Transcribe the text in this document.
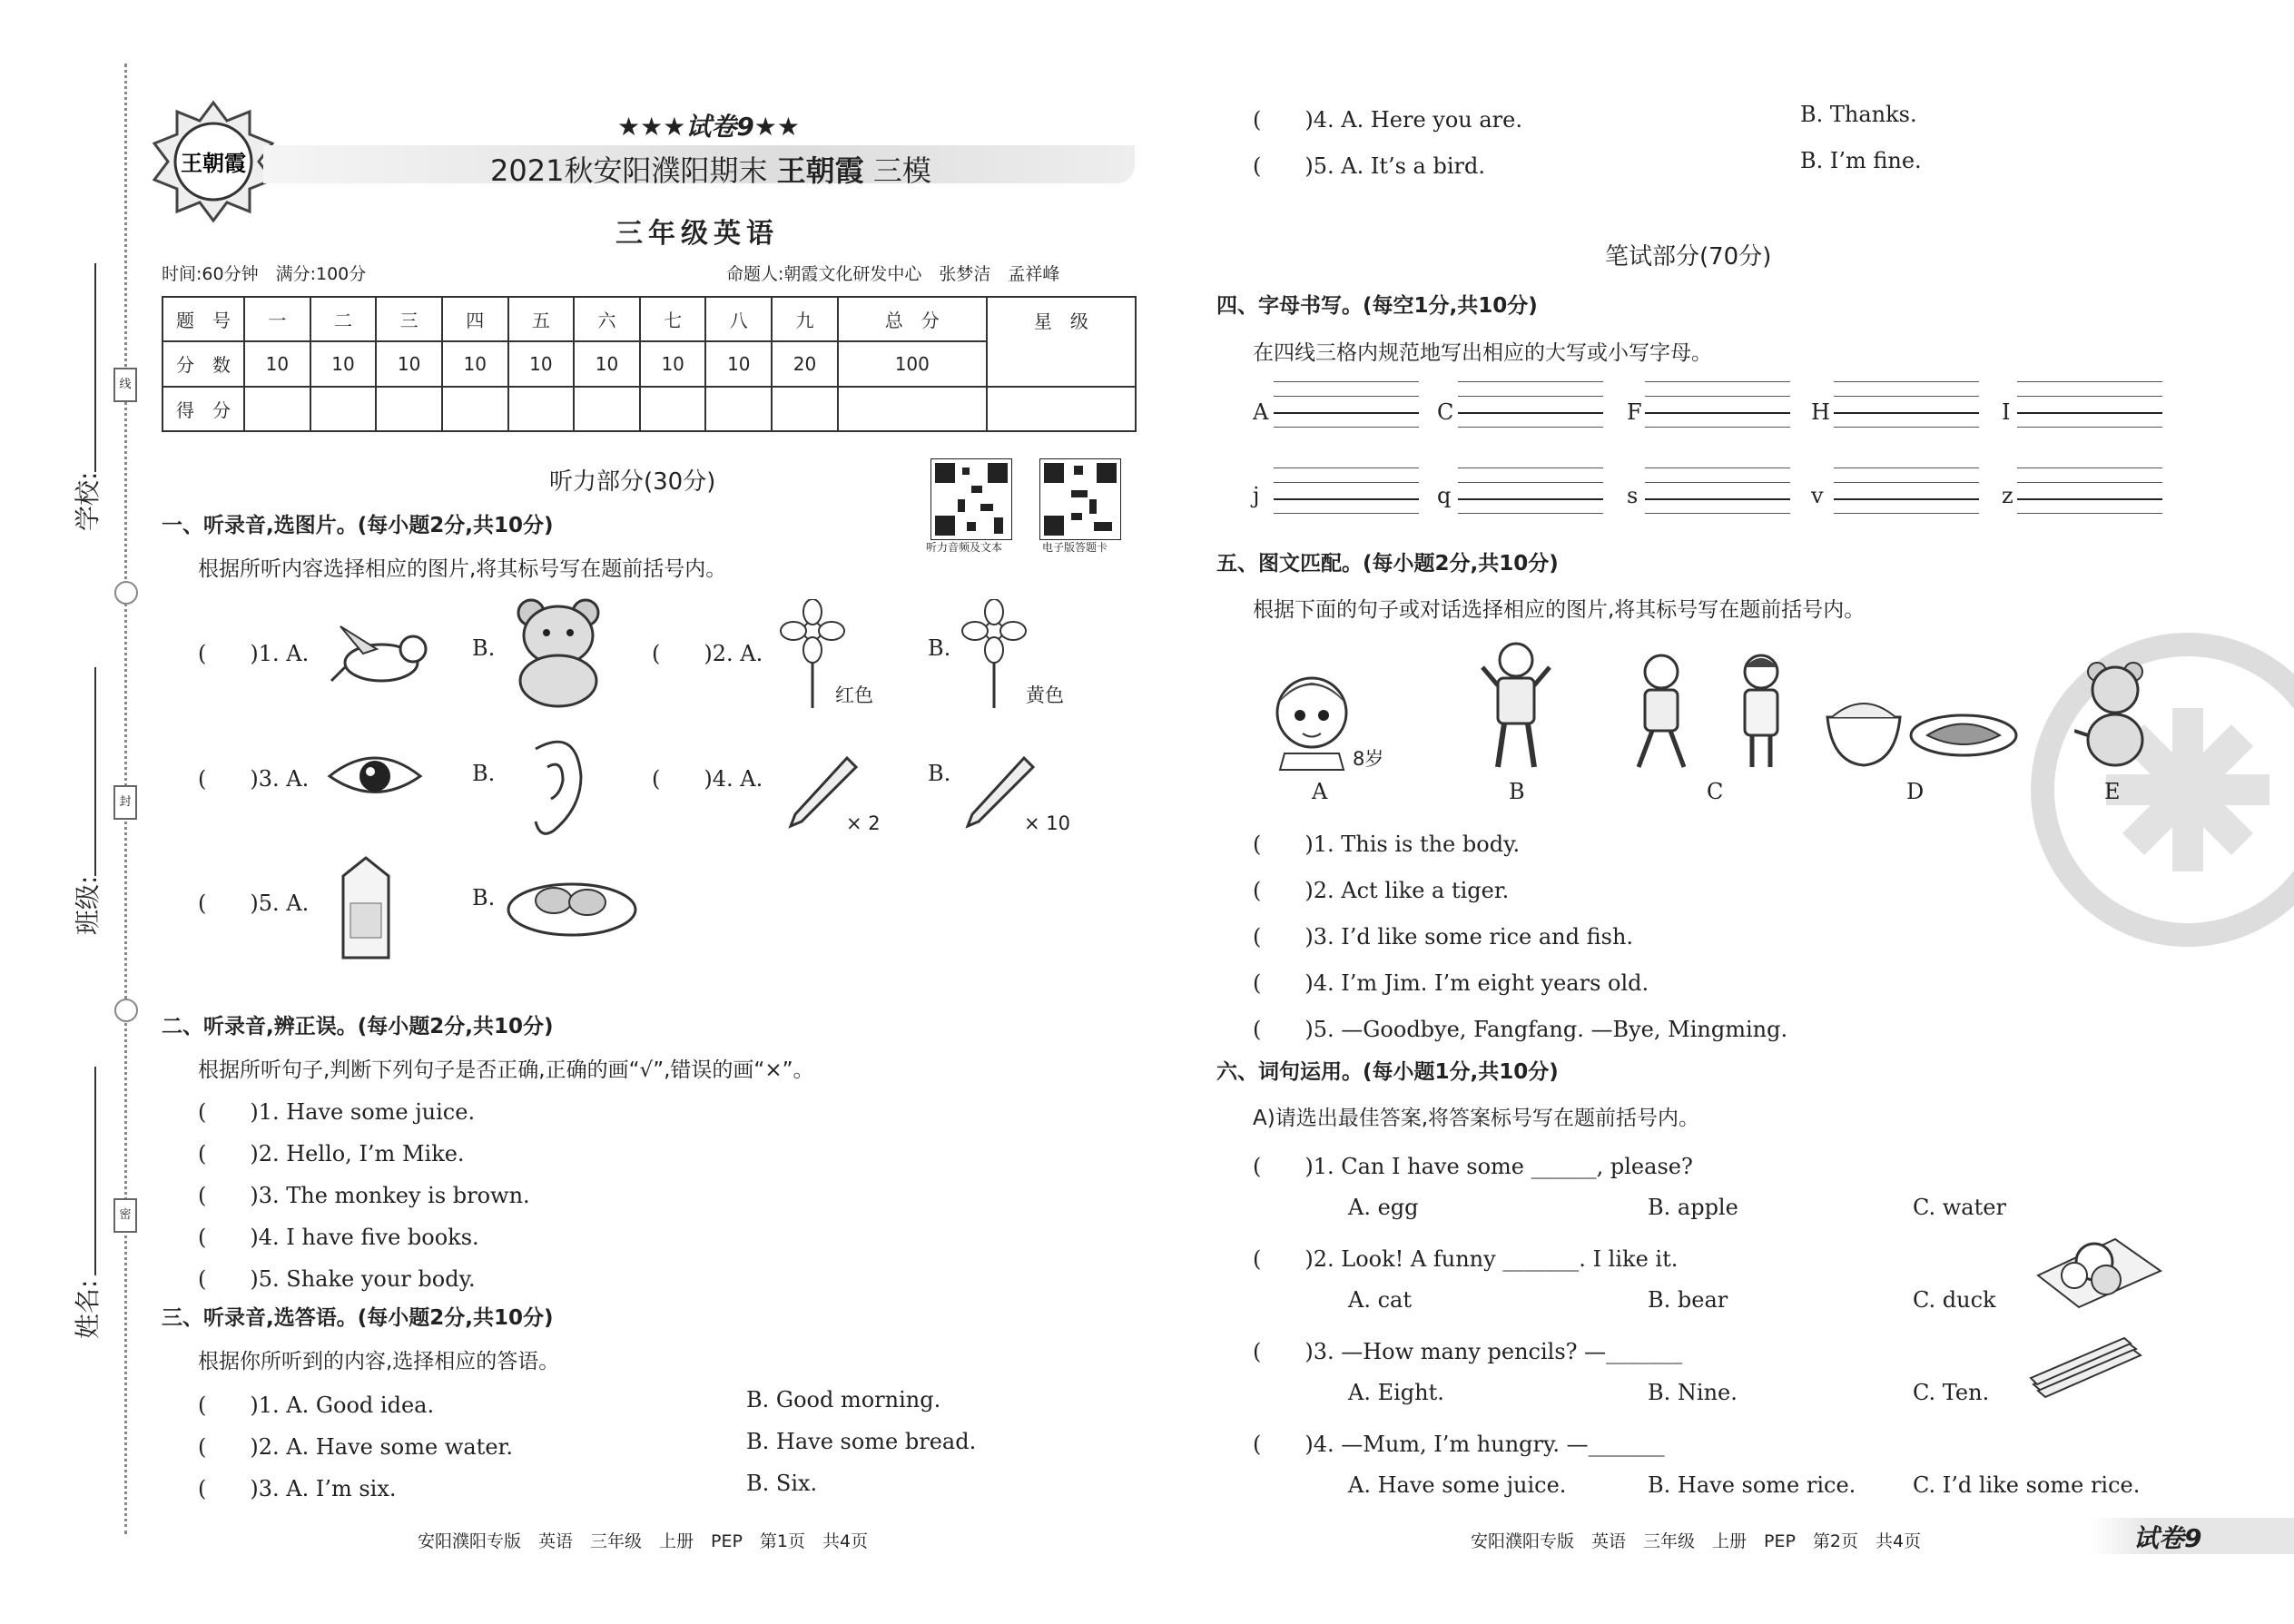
线
封
密
学校:
班级:
姓名:
王朝霞
★★★试卷9★★
2021秋安阳濮阳期末 王朝霞 三模
三年级英语
时间:60分钟　满分:100分	命题人:朝霞文化研发中心　张梦洁　孟祥峰
题　号	一	二	三	四	五	六	七	八	九	总　分	星　级
分　数	10	10	10	10	10	10	10	10	20	100	
得　分											
听力部分(30分)
听力音频及文本	电子版答题卡
一、听录音,选图片。(每小题2分,共10分)
根据所听内容选择相应的图片,将其标号写在题前括号内。
(　　)1. A.	B.	(　　)2. A.
红色
B.
黄色
(　　)3. A.	B.	(　　)4. A.
× 2
B.
× 10
(　　)5. A.	B.
二、听录音,辨正误。(每小题2分,共10分)
根据所听句子,判断下列句子是否正确,正确的画“√”,错误的画“×”。
(　　)1. Have some juice.
(　　)2. Hello, I’m Mike.
(　　)3. The monkey is brown.
(　　)4. I have five books.
(　　)5. Shake your body.
三、听录音,选答语。(每小题2分,共10分)
根据你所听到的内容,选择相应的答语。
(　　)1. A. Good idea.	B. Good morning.
(　　)2. A. Have some water.	B. Have some bread.
(　　)3. A. I’m six.	B. Six.
安阳濮阳专版　英语　三年级　上册　PEP　第1页　共4页
(　　)4. A. Here you are.	B. Thanks.
(　　)5. A. It’s a bird.	B. I’m fine.
笔试部分(70分)
四、字母书写。(每空1分,共10分)
在四线三格内规范地写出相应的大写或小写字母。
A	C	F	H	I
j	q	s	v	z
五、图文匹配。(每小题2分,共10分)
根据下面的句子或对话选择相应的图片,将其标号写在题前括号内。
8岁
A	B	C	D	E
(　　)1. This is the body.
(　　)2. Act like a tiger.
(　　)3. I’d like some rice and fish.
(　　)4. I’m Jim. I’m eight years old.
(　　)5. —Goodbye, Fangfang. —Bye, Mingming.
六、词句运用。(每小题1分,共10分)
A)请选出最佳答案,将答案标号写在题前括号内。
(　　)1. Can I have some ______, please?
A. egg	B. apple	C. water
(　　)2. Look! A funny _______. I like it.
A. cat	B. bear	C. duck
(　　)3. —How many pencils? —_______
A. Eight.	B. Nine.	C. Ten.
(　　)4. —Mum, I’m hungry. —_______
A. Have some juice.	B. Have some rice.	C. I’d like some rice.
安阳濮阳专版　英语　三年级　上册　PEP　第2页　共4页	试卷9
